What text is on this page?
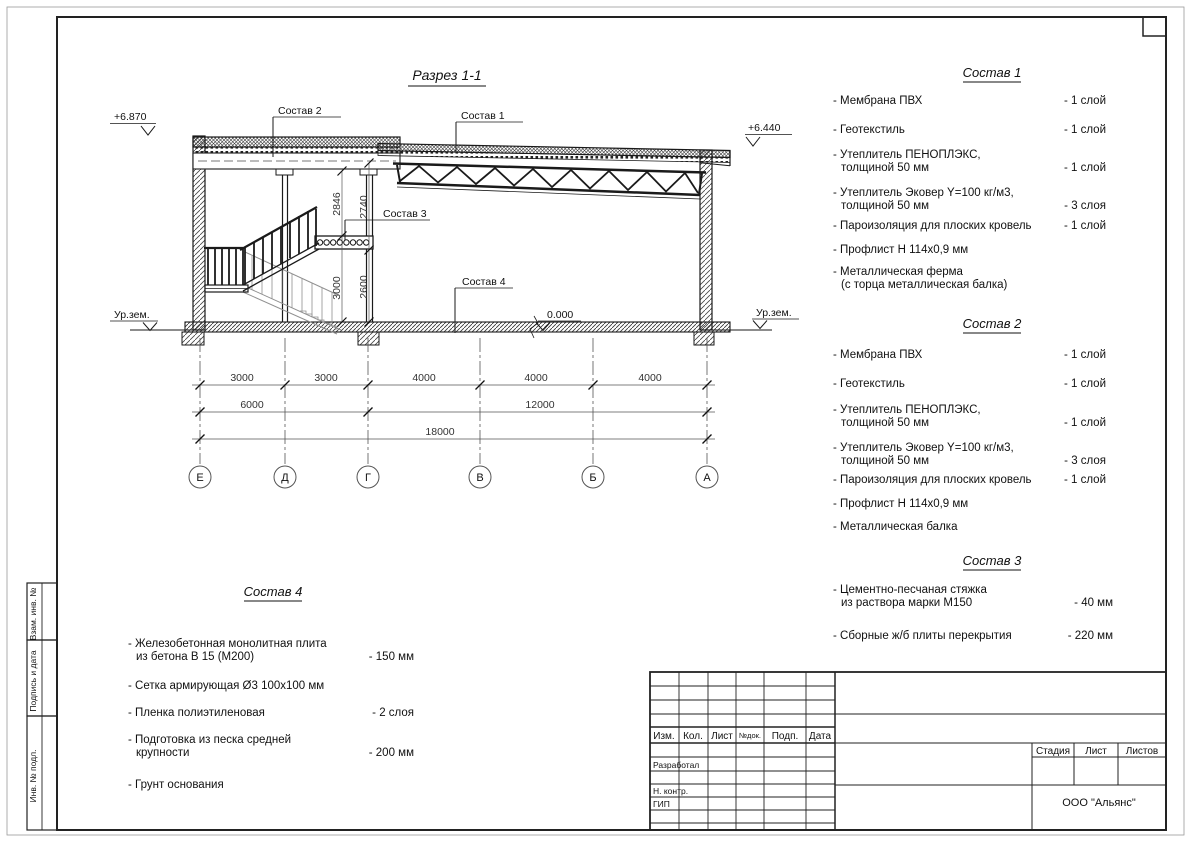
Взам. инв. №
Подпись и дата
Инв. № подл.
Изм. Кол. Лист №док. Подп. Дата
Разработал
Н. контр.
ГИП
Стадия Лист Листов
ООО "Альянс"
Разрез 1-1
+6.870
+6.440
Ур.зем.	Ур.зем.
0.000
Состав 2	Состав 1
Состав 3
Состав 4
2846
3000
2740
2600
3000	3000	4000	4000	4000
6000	12000
18000
Е	Д	Г	В	Б	А
Состав 1
- Мембрана ПВХ	- 1 слой
- Геотекстиль	- 1 слой
- Утеплитель ПЕНОПЛЭКС,
толщиной 50 мм	- 1 слой
- Утеплитель Эковер Y=100 кг/м3,
толщиной 50 мм	- 3 слоя
- Пароизоляция для плоских кровель	- 1 слой
- Профлист Н 114х0,9 мм
- Металлическая ферма
(с торца металлическая балка)
Состав 2
- Мембрана ПВХ	- 1 слой
- Геотекстиль	- 1 слой
- Утеплитель ПЕНОПЛЭКС,
толщиной 50 мм	- 1 слой
- Утеплитель Эковер Y=100 кг/м3,
толщиной 50 мм	- 3 слоя
- Пароизоляция для плоских кровель	- 1 слой
- Профлист Н 114х0,9 мм
- Металлическая балка
Состав 3
- Цементно-песчаная стяжка
из раствора марки М150	- 40 мм
- Сборные ж/б плиты перекрытия	- 220 мм
Состав 4
- Железобетонная монолитная плита
из бетона В 15 (М200)	- 150 мм
- Сетка армирующая Ø3 100х100 мм
- Пленка полиэтиленовая	- 2 слоя
- Подготовка из песка средней
крупности	- 200 мм
- Грунт основания
